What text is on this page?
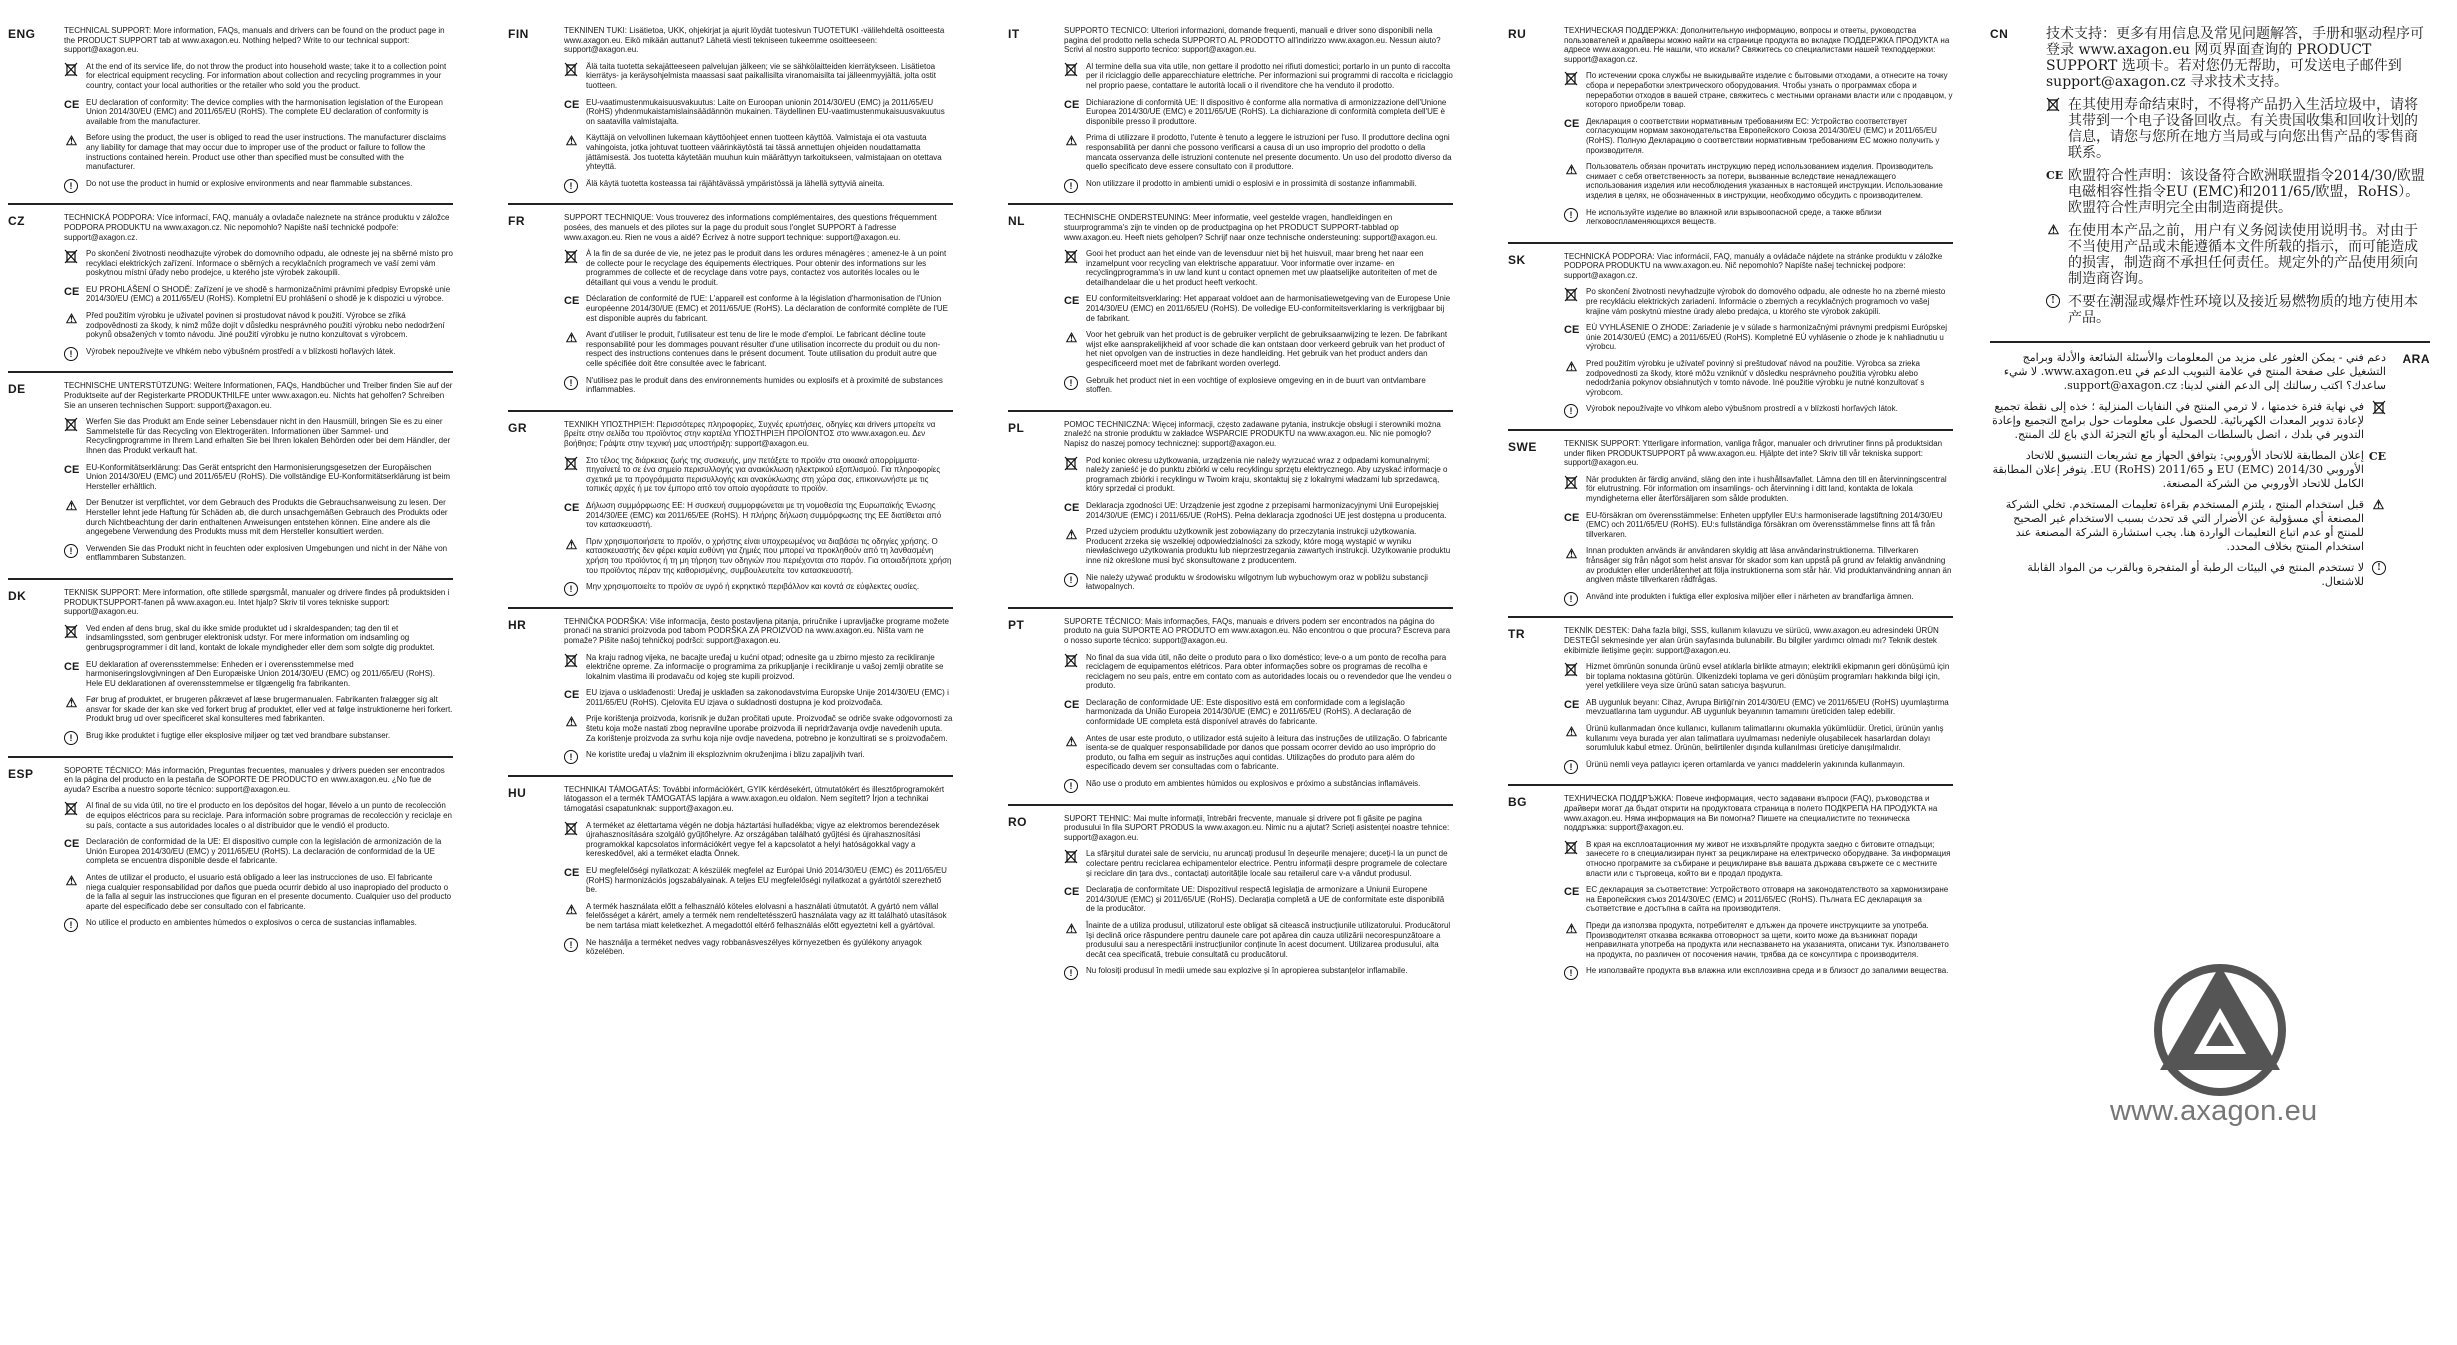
ENG	TECHNICAL SUPPORT: More information, FAQs, manuals and drivers can be found on the product page in the PRODUCT SUPPORT tab at www.axagon.eu. Nothing helped? Write to our technical support: support@axagon.eu.

At the end of its service life, do not throw the product into household waste; take it to a collection point for electrical equipment recycling. For information about collection and recycling programmes in your country, contact your local authorities or the retailer who sold you the product.
CE EU declaration of conformity: The device complies with the harmonisation legislation of the European Union 2014/30/EU (EMC) and 2011/65/EU (RoHS). The complete EU declaration of conformity is available from the manufacturer.
⚠ Before using the product, the user is obliged to read the user instructions. The manufacturer disclaims any liability for damage that may occur due to improper use of the product or failure to follow the instructions contained herein. Product use other than specified must be consulted with the manufacturer.
!	Do not use the product in humid or explosive environments and near flammable substances.
CZ	TECHNICKÁ PODPORA: Více informací, FAQ, manuály a ovladače naleznete na stránce produktu v záložce PODPORA PRODUKTU na www.axagon.cz. Nic nepomohlo? Napište naší technické podpoře: support@axagon.cz.

Po skončení životnosti neodhazujte výrobek do domovního odpadu, ale odneste jej na sběrné místo pro recyklaci elektrických zařízení. Informace o sběrných a recyklačních programech ve vaší zemi vám poskytnou místní úřady nebo prodejce, u kterého jste výrobek zakoupili.
CE EU PROHLÁŠENÍ O SHODĚ: Zařízení je ve shodě s harmonizačními právními předpisy Evropské unie 2014/30/EU (EMC) a 2011/65/EU (RoHS). Kompletní EU prohlášení o shodě je k dispozici u výrobce.
⚠ Před použitím výrobku je uživatel povinen si prostudovat návod k použití. Výrobce se zříká zodpovědnosti za škody, k nimž může dojít v důsledku nesprávného použití výrobku nebo nedodržení pokynů obsažených v tomto návodu. Jiné použití výrobku je nutno konzultovat s výrobcem.
!	Výrobek nepoužívejte ve vlhkém nebo výbušném prostředí a v blízkosti hořlavých látek.
DE	TECHNISCHE UNTERSTÜTZUNG: Weitere Informationen, FAQs, Handbücher und Treiber finden Sie auf der Produktseite auf der Registerkarte PRODUKTHILFE unter www.axagon.eu. Nichts hat geholfen? Schreiben Sie an unseren technischen Support: support@axagon.eu.

Werfen Sie das Produkt am Ende seiner Lebensdauer nicht in den Hausmüll, bringen Sie es zu einer Sammelstelle für das Recycling von Elektrogeräten. Informationen über Sammel- und Recyclingprogramme in Ihrem Land erhalten Sie bei Ihren lokalen Behörden oder bei dem Händler, der Ihnen das Produkt verkauft hat.
CE EU-Konformitätserklärung: Das Gerät entspricht den Harmonisierungsgesetzen der Europäischen Union 2014/30/EU (EMC) und 2011/65/EU (RoHS). Die vollständige EU-Konformitätserklärung ist beim Hersteller erhältlich.
⚠ Der Benutzer ist verpflichtet, vor dem Gebrauch des Produkts die Gebrauchsanweisung zu lesen. Der Hersteller lehnt jede Haftung für Schäden ab, die durch unsachgemäßen Gebrauch des Produkts oder durch Nichtbeachtung der darin enthaltenen Anweisungen entstehen können. Eine andere als die angegebene Verwendung des Produkts muss mit dem Hersteller konsultiert werden.
!	Verwenden Sie das Produkt nicht in feuchten oder explosiven Umgebungen und nicht in der Nähe von entflammbaren Substanzen.
DK	TEKNISK SUPPORT: Mere information, ofte stillede spørgsmål, manualer og drivere findes på produktsiden i PRODUKTSUPPORT-fanen på www.axagon.eu. Intet hjalp? Skriv til vores tekniske support: support@axagon.eu.

Ved enden af dens brug, skal du ikke smide produktet ud i skraldespanden; tag den til et indsamlingssted, som genbruger elektronisk udstyr. For mere information om indsamling og genbrugsprogrammer i dit land, kontakt de lokale myndigheder eller dem som solgte dig produktet.
CE EU deklaration af overensstemmelse: Enheden er i overensstemmelse med harmoniseringslovgivningen af Den Europæiske Union 2014/30/EU (EMC) og 2011/65/EU (RoHS). Hele EU deklarationen af overensstemmelse er tilgængelig fra fabrikanten.
⚠ Før brug af produktet, er brugeren påkrævet af læse brugermanualen. Fabrikanten fralægger sig alt ansvar for skade der kan ske ved forkert brug af produktet, eller ved at følge instruktionerne heri forkert. Produkt brug ud over specificeret skal konsulteres med fabrikanten.
!	Brug ikke produktet i fugtige eller eksplosive miljøer og tæt ved brandbare substanser.
ESP	SOPORTE TÉCNICO: Más información, Preguntas frecuentes, manuales y drivers pueden ser encontrados en la página del producto en la pestaña de SOPORTE DE PRODUCTO en www.axagon.eu. ¿No fue de ayuda? Escriba a nuestro soporte técnico: support@axagon.eu.

Al final de su vida útil, no tire el producto en los depósitos del hogar, llévelo a un punto de recolección de equipos eléctricos para su reciclaje. Para información sobre programas de recolección y reciclaje en su país, contacte a sus autoridades locales o al distribuidor que le vendió el producto.
CE Declaración de conformidad de la UE: El dispositivo cumple con la legislación de armonización de la Unión Europea 2014/30/EU (EMC) y 2011/65/EU (RoHS). La declaración de conformidad de la UE completa se encuentra disponible desde el fabricante.
⚠ Antes de utilizar el producto, el usuario está obligado a leer las instrucciones de uso. El fabricante niega cualquier responsabilidad por daños que pueda ocurrir debido al uso inapropiado del producto o de la falla al seguir las instrucciones que figuran en el presente documento. Cualquier uso del producto aparte del especificado debe ser consultado con el fabricante.
!	No utilice el producto en ambientes húmedos o explosivos o cerca de sustancias inflamables.
FIN	TEKNINEN TUKI: Lisätietoa, UKK, ohjekirjat ja ajurit löydät tuotesivun TUOTETUKI -välilehdeltä osoitteesta www.axagon.eu. Eikö mikään auttanut? Lähetä viesti tekniseen tukeemme osoitteeseen: support@axagon.eu.

Älä taita tuotetta sekajätteeseen palvelujan jälkeen; vie se sähkölaitteiden kierrätykseen. Lisätietoa kierrätys- ja keräysohjelmista maassasi saat paikallisilta viranomaisilta tai jälleenmyyjältä, jolta ostit tuotteen.
CE EU-vaatimustenmukaisuusvakuutus: Laite on Euroopan unionin 2014/30/EU (EMC) ja 2011/65/EU (RoHS) yhdenmukaistamislainsäädännön mukainen. Täydellinen EU-vaatimustenmukaisuusvakuutus on saatavilla valmistajalta.
⚠ Käyttäjä on velvollinen lukemaan käyttöohjeet ennen tuotteen käyttöä. Valmistaja ei ota vastuuta vahingoista, jotka johtuvat tuotteen väärinkäytöstä tai tässä annettujen ohjeiden noudattamatta jättämisestä. Jos tuotetta käytetään muuhun kuin määrättyyn tarkoitukseen, valmistajaan on otettava yhteyttä.
!	Älä käytä tuotetta kosteassa tai räjähtävässä ympäristössä ja lähellä syttyviä aineita.
FR	SUPPORT TECHNIQUE: Vous trouverez des informations complémentaires, des questions fréquemment posées, des manuels et des pilotes sur la page du produit sous l'onglet SUPPORT à l'adresse www.axagon.eu. Rien ne vous a aidé? Écrivez à notre support technique: support@axagon.eu.

À la fin de sa durée de vie, ne jetez pas le produit dans les ordures ménagères ; amenez-le à un point de collecte pour le recyclage des équipements électriques. Pour obtenir des informations sur les programmes de collecte et de recyclage dans votre pays, contactez vos autorités locales ou le détaillant qui vous a vendu le produit.
CE Déclaration de conformité de l'UE: L'appareil est conforme à la législation d'harmonisation de l'Union européenne 2014/30/UE (EMC) et 2011/65/UE (RoHS). La déclaration de conformité complète de l'UE est disponible auprès du fabricant.
⚠ Avant d'utiliser le produit, l'utilisateur est tenu de lire le mode d'emploi. Le fabricant décline toute responsabilité pour les dommages pouvant résulter d'une utilisation incorrecte du produit ou du non-respect des instructions contenues dans le présent document. Toute utilisation du produit autre que celle spécifiée doit être consultée avec le fabricant.
!	N'utilisez pas le produit dans des environnements humides ou explosifs et à proximité de substances inflammables.
GR	ΤΕΧΝΙΚΗ ΥΠΟΣΤΗΡΙΞΗ: Περισσότερες πληροφορίες, Συχνές ερωτήσεις, οδηγίες και drivers μπορείτε να βρείτε στην σελίδα του προϊόντος στην καρτέλα ΥΠΟΣΤΗΡΙΞΗ ΠΡΟΪΟΝΤΟΣ στο www.axagon.eu. Δεν βοήθησε; Γράψτε στην τεχνική μας υποστήριξη: support@axagon.eu.

Στο τέλος της διάρκειας ζωής της συσκευής, μην πετάξετε το προϊόν στα οικιακά απορρίμματα· πηγαίνετέ το σε ένα σημείο περισυλλογής για ανακύκλωση ηλεκτρικού εξοπλισμού. Για πληροφορίες σχετικά με τα προγράμματα περισυλλογής και ανακύκλωσης στη χώρα σας, επικοινωνήστε με τις τοπικές αρχές ή με τον έμπορο από τον οποίο αγοράσατε το προϊόν.
CE Δήλωση συμμόρφωσης ΕΕ: Η συσκευή συμμορφώνεται με τη νομοθεσία της Ευρωπαϊκής Ένωσης 2014/30/ΕΕ (EMC) και 2011/65/ΕΕ (RoHS). Η πλήρης δήλωση συμμόρφωσης της ΕΕ διατίθεται από τον κατασκευαστή.
⚠ Πριν χρησιμοποιήσετε το προϊόν, ο χρήστης είναι υποχρεωμένος να διαβάσει τις οδηγίες χρήσης. Ο κατασκευαστής δεν φέρει καμία ευθύνη για ζημιές που μπορεί να προκληθούν από τη λανθασμένη χρήση του προϊόντος ή τη μη τήρηση των οδηγιών που περιέχονται στο παρόν. Για οποιαδήποτε χρήση του προϊόντος πέραν της καθορισμένης, συμβουλευτείτε τον κατασκευαστή.
!	Μην χρησιμοποιείτε το προϊόν σε υγρό ή εκρηκτικό περιβάλλον και κοντά σε εύφλεκτες ουσίες.
HR	TEHNIČKA PODRŠKA: Više informacija, često postavljena pitanja, priručnike i upravljačke programe možete pronaći na stranici proizvoda pod tabom PODRŠKA ZA PROIZVOD na www.axagon.eu. Ništa vam ne pomaže? Pišite našoj tehničkoj podršci: support@axagon.eu.

Na kraju radnog vijeka, ne bacajte uređaj u kućni otpad; odnesite ga u zbirno mjesto za recikliranje električne opreme. Za informacije o programima za prikupljanje i recikliranje u vašoj zemlji obratite se lokalnim vlastima ili prodavaču od kojeg ste kupili proizvod.
CE EU izjava o usklađenosti: Uređaj je usklađen sa zakonodavstvima Europske Unije 2014/30/EU (EMC) i 2011/65/EU (RoHS). Cjelovita EU izjava o sukladnosti dostupna je kod proizvođača.
⚠ Prije korištenja proizvoda, korisnik je dužan pročitati upute. Proizvođač se odriče svake odgovornosti za štetu koja može nastati zbog nepravilne uporabe proizvoda ili nepridržavanja ovdje navedenih uputa. Za korištenje proizvoda za svrhu koja nije ovdje navedena, potrebno je konzultirati se s proizvođačem.
!	Ne koristite uređaj u vlažnim ili eksplozivnim okruženjima i blizu zapaljivih tvari.
HU	TECHNIKAI TÁMOGATÁS: További információkért, GYIK kérdésekért, útmutatókért és illesztőprogramokért látogasson el a termék TÁMOGATÁS lapjára a www.axagon.eu oldalon. Nem segített? Írjon a technikai támogatási csapatunknak: support@axagon.eu.

A terméket az élettartama végén ne dobja háztartási hulladékba; vigye az elektromos berendezések újrahasznosítására szolgáló gyűjtőhelyre. Az országában található gyűjtési és újrahasznosítási programokkal kapcsolatos információkért vegye fel a kapcsolatot a helyi hatóságokkal vagy a kereskedővel, aki a terméket eladta Önnek.
CE EU megfelelőségi nyilatkozat: A készülék megfelel az Európai Unió 2014/30/EU (EMC) és 2011/65/EU (RoHS) harmonizációs jogszabályainak. A teljes EU megfelelőségi nyilatkozat a gyártótól szerezhető be.
⚠ A termék használata előtt a felhasználó köteles elolvasni a használati útmutatót. A gyártó nem vállal felelősséget a kárért, amely a termék nem rendeltetésszerű használata vagy az itt található utasítások be nem tartása miatt keletkezhet. A megadottól eltérő felhasználás előtt egyeztetni kell a gyártóval.
!	Ne használja a terméket nedves vagy robbanásveszélyes környezetben és gyúlékony anyagok közelében.
IT	SUPPORTO TECNICO: Ulteriori informazioni, domande frequenti, manuali e driver sono disponibili nella pagina del prodotto nella scheda SUPPORTO AL PRODOTTO all'indirizzo www.axagon.eu. Nessun aiuto? Scrivi al nostro supporto tecnico: support@axagon.eu.

Al termine della sua vita utile, non gettare il prodotto nei rifiuti domestici; portarlo in un punto di raccolta per il riciclaggio delle apparecchiature elettriche. Per informazioni sui programmi di raccolta e riciclaggio nel proprio paese, contattare le autorità locali o il rivenditore che ha venduto il prodotto.
CE Dichiarazione di conformità UE: Il dispositivo è conforme alla normativa di armonizzazione dell'Unione Europea 2014/30/UE (EMC) e 2011/65/UE (RoHS). La dichiarazione di conformità completa dell'UE è disponibile presso il produttore.
⚠ Prima di utilizzare il prodotto, l'utente è tenuto a leggere le istruzioni per l'uso. Il produttore declina ogni responsabilità per danni che possono verificarsi a causa di un uso improprio del prodotto o della mancata osservanza delle istruzioni contenute nel presente documento. Un uso del prodotto diverso da quello specificato deve essere consultato con il produttore.
!	Non utilizzare il prodotto in ambienti umidi o esplosivi e in prossimità di sostanze infiammabili.
NL	TECHNISCHE ONDERSTEUNING: Meer informatie, veel gestelde vragen, handleidingen en stuurprogramma's zijn te vinden op de productpagina op het PRODUCT SUPPORT-tabblad op www.axagon.eu. Heeft niets geholpen? Schrijf naar onze technische ondersteuning: support@axagon.eu.

Gooi het product aan het einde van de levensduur niet bij het huisvuil, maar breng het naar een inzamelpunt voor recycling van elektrische apparatuur. Voor informatie over inzame- en recyclingprogramma's in uw land kunt u contact opnemen met uw plaatselijke autoriteiten of met de detailhandelaar die u het product heeft verkocht.
CE EU conformiteitsverklaring: Het apparaat voldoet aan de harmonisatiewetgeving van de Europese Unie 2014/30/EU (EMC) en 2011/65/EU (RoHS). De volledige EU-conformiteitsverklaring is verkrijgbaar bij de fabrikant.
⚠ Voor het gebruik van het product is de gebruiker verplicht de gebruiksaanwijzing te lezen. De fabrikant wijst elke aansprakelijkheid af voor schade die kan ontstaan door verkeerd gebruik van het product of het niet opvolgen van de instructies in deze handleiding. Het gebruik van het product anders dan gespecificeerd moet met de fabrikant worden overlegd.
!	Gebruik het product niet in een vochtige of explosieve omgeving en in de buurt van ontvlambare stoffen.
PL	POMOC TECHNICZNA: Więcej informacji, często zadawane pytania, instrukcje obsługi i sterowniki można znaleźć na stronie produktu w zakładce WSPARCIE PRODUKTU na www.axagon.eu. Nic nie pomogło? Napisz do naszej pomocy technicznej: support@axagon.eu.

Pod koniec okresu użytkowania, urządzenia nie należy wyrzucać wraz z odpadami komunalnymi; należy zanieść je do punktu zbiórki w celu recyklingu sprzętu elektrycznego. Aby uzyskać informacje o programach zbiórki i recyklingu w Twoim kraju, skontaktuj się z lokalnymi władzami lub sprzedawcą, który sprzedał ci produkt.
CE Deklaracja zgodności UE: Urządzenie jest zgodne z przepisami harmonizacyjnymi Unii Europejskiej 2014/30/UE (EMC) i 2011/65/UE (RoHS). Pełna deklaracja zgodności UE jest dostępna u producenta.
⚠ Przed użyciem produktu użytkownik jest zobowiązany do przeczytania instrukcji użytkowania. Producent zrzeka się wszelkiej odpowiedzialności za szkody, które mogą wystąpić w wyniku niewłaściwego użytkowania produktu lub nieprzestrzegania zawartych instrukcji. Użytkowanie produktu inne niż określone musi być skonsultowane z producentem.
!	Nie należy używać produktu w środowisku wilgotnym lub wybuchowym oraz w pobliżu substancji łatwopalnych.
PT	SUPORTE TÉCNICO: Mais informações, FAQs, manuais e drivers podem ser encontrados na página do produto na guia SUPORTE AO PRODUTO em www.axagon.eu. Não encontrou o que procura? Escreva para o nosso suporte técnico: support@axagon.eu.

No final da sua vida útil, não deite o produto para o lixo doméstico; leve-o a um ponto de recolha para reciclagem de equipamentos elétricos. Para obter informações sobre os programas de recolha e reciclagem no seu país, entre em contato com as autoridades locais ou o revendedor que lhe vendeu o produto.
CE Declaração de conformidade UE: Este dispositivo está em conformidade com a legislação harmonizada da União Europeia 2014/30/UE (EMC) e 2011/65/EU (RoHS). A declaração de conformidade UE completa está disponível através do fabricante.
⚠ Antes de usar este produto, o utilizador está sujeito à leitura das instruções de utilização. O fabricante isenta-se de qualquer responsabilidade por danos que possam ocorrer devido ao uso impróprio do produto, ou falha em seguir as instruções aqui contidas. Utilizações do produto para além do especificado devem ser consultadas com o fabricante.
!	Não use o produto em ambientes húmidos ou explosivos e próximo a substâncias inflamáveis.
RO	SUPORT TEHNIC: Mai multe informații, întrebări frecvente, manuale și drivere pot fi găsite pe pagina produsului în fila SUPORT PRODUS la www.axagon.eu. Nimic nu a ajutat? Scrieți asistenței noastre tehnice: support@axagon.eu.

La sfârșitul duratei sale de serviciu, nu aruncați produsul în deșeurile menajere; duceți-l la un punct de colectare pentru reciclarea echipamentelor electrice. Pentru informații despre programele de colectare și reciclare din țara dvs., contactați autoritățile locale sau retailerul care v-a vândut produsul.
CE Declarația de conformitate UE: Dispozitivul respectă legislația de armonizare a Uniunii Europene 2014/30/UE (EMC) și 2011/65/UE (RoHS). Declarația completă a UE de conformitate este disponibilă de la producător.
⚠ Înainte de a utiliza produsul, utilizatorul este obligat să citească instrucțiunile utilizatorului. Producătorul își declină orice răspundere pentru daunele care pot apărea din cauza utilizării necorespunzătoare a produsului sau a nerespectării instrucțiunilor conținute în acest document. Utilizarea produsului, alta decât cea specificată, trebuie consultată cu producătorul.
!	Nu folosiți produsul în medii umede sau explozive și în apropierea substanțelor inflamabile.
RU	ТЕХНИЧЕСКАЯ ПОДДЕРЖКА: Дополнительную информацию, вопросы и ответы, руководства пользователей и драйверы можно найти на странице продукта во вкладке ПОДДЕРЖКА ПРОДУКТА на адресе www.axagon.eu. Не нашли, что искали? Свяжитесь со специалистами нашей техподдержки: support@axagon.cz.

По истечении срока службы не выкидывайте изделие с бытовыми отходами, а отнесите на точку сбора и переработки электрического оборудования. Чтобы узнать о программах сбора и переработки отходов в вашей стране, свяжитесь с местными органами власти или с продавцом, у которого приобрели товар.
CE Декларация о соответствии нормативным требованиям ЕС: Устройство соответствует согласующим нормам законодательства Европейского Союза 2014/30/EU (EMC) и 2011/65/EU (RoHS). Полную Декларацию о соответствии нормативным требованиям ЕС можно получить у производителя.
⚠ Пользователь обязан прочитать инструкцию перед использованием изделия. Производитель снимает с себя ответственность за потери, вызванные вследствие ненадлежащего использования изделия или несоблюдения указанных в настоящей инструкции. Использование изделия в целях, не обозначенных в инструкции, необходимо обсудить с производителем.
!	Не используйте изделие во влажной или взрывоопасной среде, а также вблизи легковоспламеняющихся веществ.
SK	TECHNICKÁ PODPORA: Viac informácií, FAQ, manuály a ovládače nájdete na stránke produktu v záložke PODPORA PRODUKTU na www.axagon.eu. Nič nepomohlo? Napíšte našej technickej podpore: support@axagon.cz.

Po skončení životnosti nevyhadzujte výrobok do domového odpadu, ale odneste ho na zberné miesto pre recykláciu elektrických zariadení. Informácie o zberných a recyklačných programoch vo vašej krajine vám poskytnú miestne úrady alebo predajca, u ktorého ste výrobok zakúpili.
CE EÚ VYHLÁSENIE O ZHODE: Zariadenie je v súlade s harmonizačnými právnymi predpismi Európskej únie 2014/30/EÚ (EMC) a 2011/65/EÚ (RoHS). Kompletné EÚ vyhlásenie o zhode je k nahliadnutiu u výrobcu.
⚠ Pred použitím výrobku je užívateľ povinný si preštudovať návod na použitie. Výrobca sa zrieka zodpovednosti za škody, ktoré môžu vzniknúť v dôsledku nesprávneho použitia výrobku alebo nedodržania pokynov obsiahnutých v tomto návode. Iné použitie výrobku je nutné konzultovať s výrobcom.
!	Výrobok nepoužívajte vo vlhkom alebo výbušnom prostredí a v blízkosti horľavých látok.
SWE	TEKNISK SUPPORT: Ytterligare information, vanliga frågor, manualer och drivrutiner finns på produktsidan under fliken PRODUKTSUPPORT på www.axagon.eu. Hjälpte det inte? Skriv till vår tekniska support: support@axagon.eu.

När produkten är färdig använd, släng den inte i hushållsavfallet. Lämna den till en återvinningscentral för elutrustning. För information om insamlings- och återvinning i ditt land, kontakta de lokala myndigheterna eller återförsäljaren som sålde produkten.
CE EU-försäkran om överensstämmelse: Enheten uppfyller EU:s harmoniserade lagstiftning 2014/30/EU (EMC) och 2011/65/EU (RoHS). EU:s fullständiga försäkran om överensstämmelse finns att få från tillverkaren.
⚠ Innan produkten används är användaren skyldig att läsa användarinstruktionerna. Tillverkaren frånsäger sig från något som helst ansvar för skador som kan uppstå på grund av felaktig användning av produkten eller underlåtenhet att följa instruktionerna som står här. Vid produktanvändning annan än angiven måste tillverkaren rådfrågas.
!	Använd inte produkten i fuktiga eller explosiva miljöer eller i närheten av brandfarliga ämnen.
TR	TEKNİK DESTEK: Daha fazla bilgi, SSS, kullanım kılavuzu ve sürücü, www.axagon.eu adresindeki ÜRÜN DESTEĞİ sekmesinde yer alan ürün sayfasında bulunabilir. Bu bilgiler yardımcı olmadı mı? Teknik destek ekibimizle iletişime geçin: support@axagon.eu.

Hizmet ömrünün sonunda ürünü evsel atıklarla birlikte atmayın; elektrikli ekipmanın geri dönüşümü için bir toplama noktasına götürün. Ülkenizdeki toplama ve geri dönüşüm programları hakkında bilgi için, yerel yetkililere veya size ürünü satan satıcıya başvurun.
CE AB uygunluk beyanı: Cihaz, Avrupa Birliği'nin 2014/30/EU (EMC) ve 2011/65/EU (RoHS) uyumlaştırma mevzuatlarına tam uygundur. AB uygunluk beyanının tamamını üreticiden talep edebilir.
⚠ Ürünü kullanmadan önce kullanıcı, kullanım talimatlarını okumakla yükümlüdür. Üretici, ürünün yanlış kullanımı veya burada yer alan talimatlara uyulmaması nedeniyle oluşabilecek hasarlardan dolayı sorumluluk kabul etmez. Ürünün, belirtilenler dışında kullanılması üreticiye danışılmalıdır.
!	Ürünü nemli veya patlayıcı içeren ortamlarda ve yanıcı maddelerin yakınında kullanmayın.
BG	ТЕХНИЧЕСКА ПОДДРЪЖКА: Повече информация, често задавани въпроси (FAQ), ръководства и драйвери могат да бъдат открити на продуктовата страница в полето ПОДКРЕПА НА ПРОДУКТА на www.axagon.eu. Няма информация на Ви помогна? Пишете на специалистите по техническа поддръжка: support@axagon.eu.

В края на експлоатационния му живот не изхвърляйте продукта заедно с битовите отпадъци; занесете го в специализиран пункт за рециклиране на електрическо оборудване. За информация относно програмите за събиране и рециклиране във вашата държава свържете се с местните власти или с търговеца, който ви е продал продукта.
CE ЕС декларация за съответствие: Устройството отговаря на законодателството за хармонизиране на Европейския съюз 2014/30/ЕС (EMC) и 2011/65/ЕС (RoHS). Пълната ЕС декларация за съответствие е достъпна в сайта на производителя.
⚠ Преди да използва продукта, потребителят е длъжен да прочете инструкциите за употреба. Производителят отказва всякаква отговорност за щети, които може да възникнат поради неправилната употреба на продукта или неспазването на указанията, описани тук. Използването на продукта, по различен от посочения начин, трябва да се консултира с производителя.
!	Не използвайте продукта във влажна или експлозивна среда и в близост до запалими вещества.
CN	技术支持：更多有用信息及常见问题解答，手册和驱动程序可登录 www.axagon.eu 网页界面查询的 PRODUCT SUPPORT 选项卡。若对您仍无帮助，可发送电子邮件到 support@axagon.cz 寻求技术支持。

在其使用寿命结束时，不得将产品扔入生活垃圾中，请将其带到一个电子设备回收点。有关贵国收集和回收计划的信息，请您与您所在地方当局或与向您出售产品的零售商联系。
CE 欧盟符合性声明：该设备符合欧洲联盟指令2014/30/欧盟电磁相容性指令EU (EMC)和2011/65/欧盟，RoHS）。欧盟符合性声明完全由制造商提供。
⚠ 在使用本产品之前，用户有义务阅读使用说明书。对由于不当使用产品或未能遵循本文件所载的指示，而可能造成的损害，制造商不承担任何责任。规定外的产品使用须向制造商咨询。
! 不要在潮湿或爆炸性环境以及接近易燃物质的地方使用本产品。
ARA

دعم فني - يمكن العثور على مزيد من المعلومات والأسئلة الشائعة والأدلة وبرامج التشغيل على صفحة المنتج في علامة التبويب الدعم في www.axagon.eu. لا شيء ساعدك؟ اكتب رسالتك إلى الدعم الفني لدينا: support@axagon.cz.

في نهاية فترة خدمتها ، لا ترمي المنتج في النفايات المنزلية ؛ خذه إلى نقطة تجميع لإعادة تدوير المعدات الكهربائية. للحصول على معلومات حول برامج التجميع وإعادة التدوير في بلدك ، اتصل بالسلطات المحلية أو بائع التجزئة الذي باع لك المنتج.
CE
إعلان المطابقة للاتحاد الأوروبي: يتوافق الجهاز مع تشريعات التنسيق للاتحاد الأوروبي 2014/30 EU (EMC) و 2011/65 EU (RoHS). يتوفر إعلان المطابقة الكامل للاتحاد الأوروبي من الشركة المصنعة.
⚠
قبل استخدام المنتج ، يلتزم المستخدم بقراءة تعليمات المستخدم. تخلي الشركة المصنعة أي مسؤولية عن الأضرار التي قد تحدث بسبب الاستخدام غير الصحيح للمنتج أو عدم اتباع التعليمات الواردة هنا. يجب استشارة الشركة المصنعة عند استخدام المنتج بخلاف المحدد.
!
لا تستخدم المنتج في البيئات الرطبة أو المتفجرة وبالقرب من المواد القابلة للاشتعال.
www.axagon.eu
